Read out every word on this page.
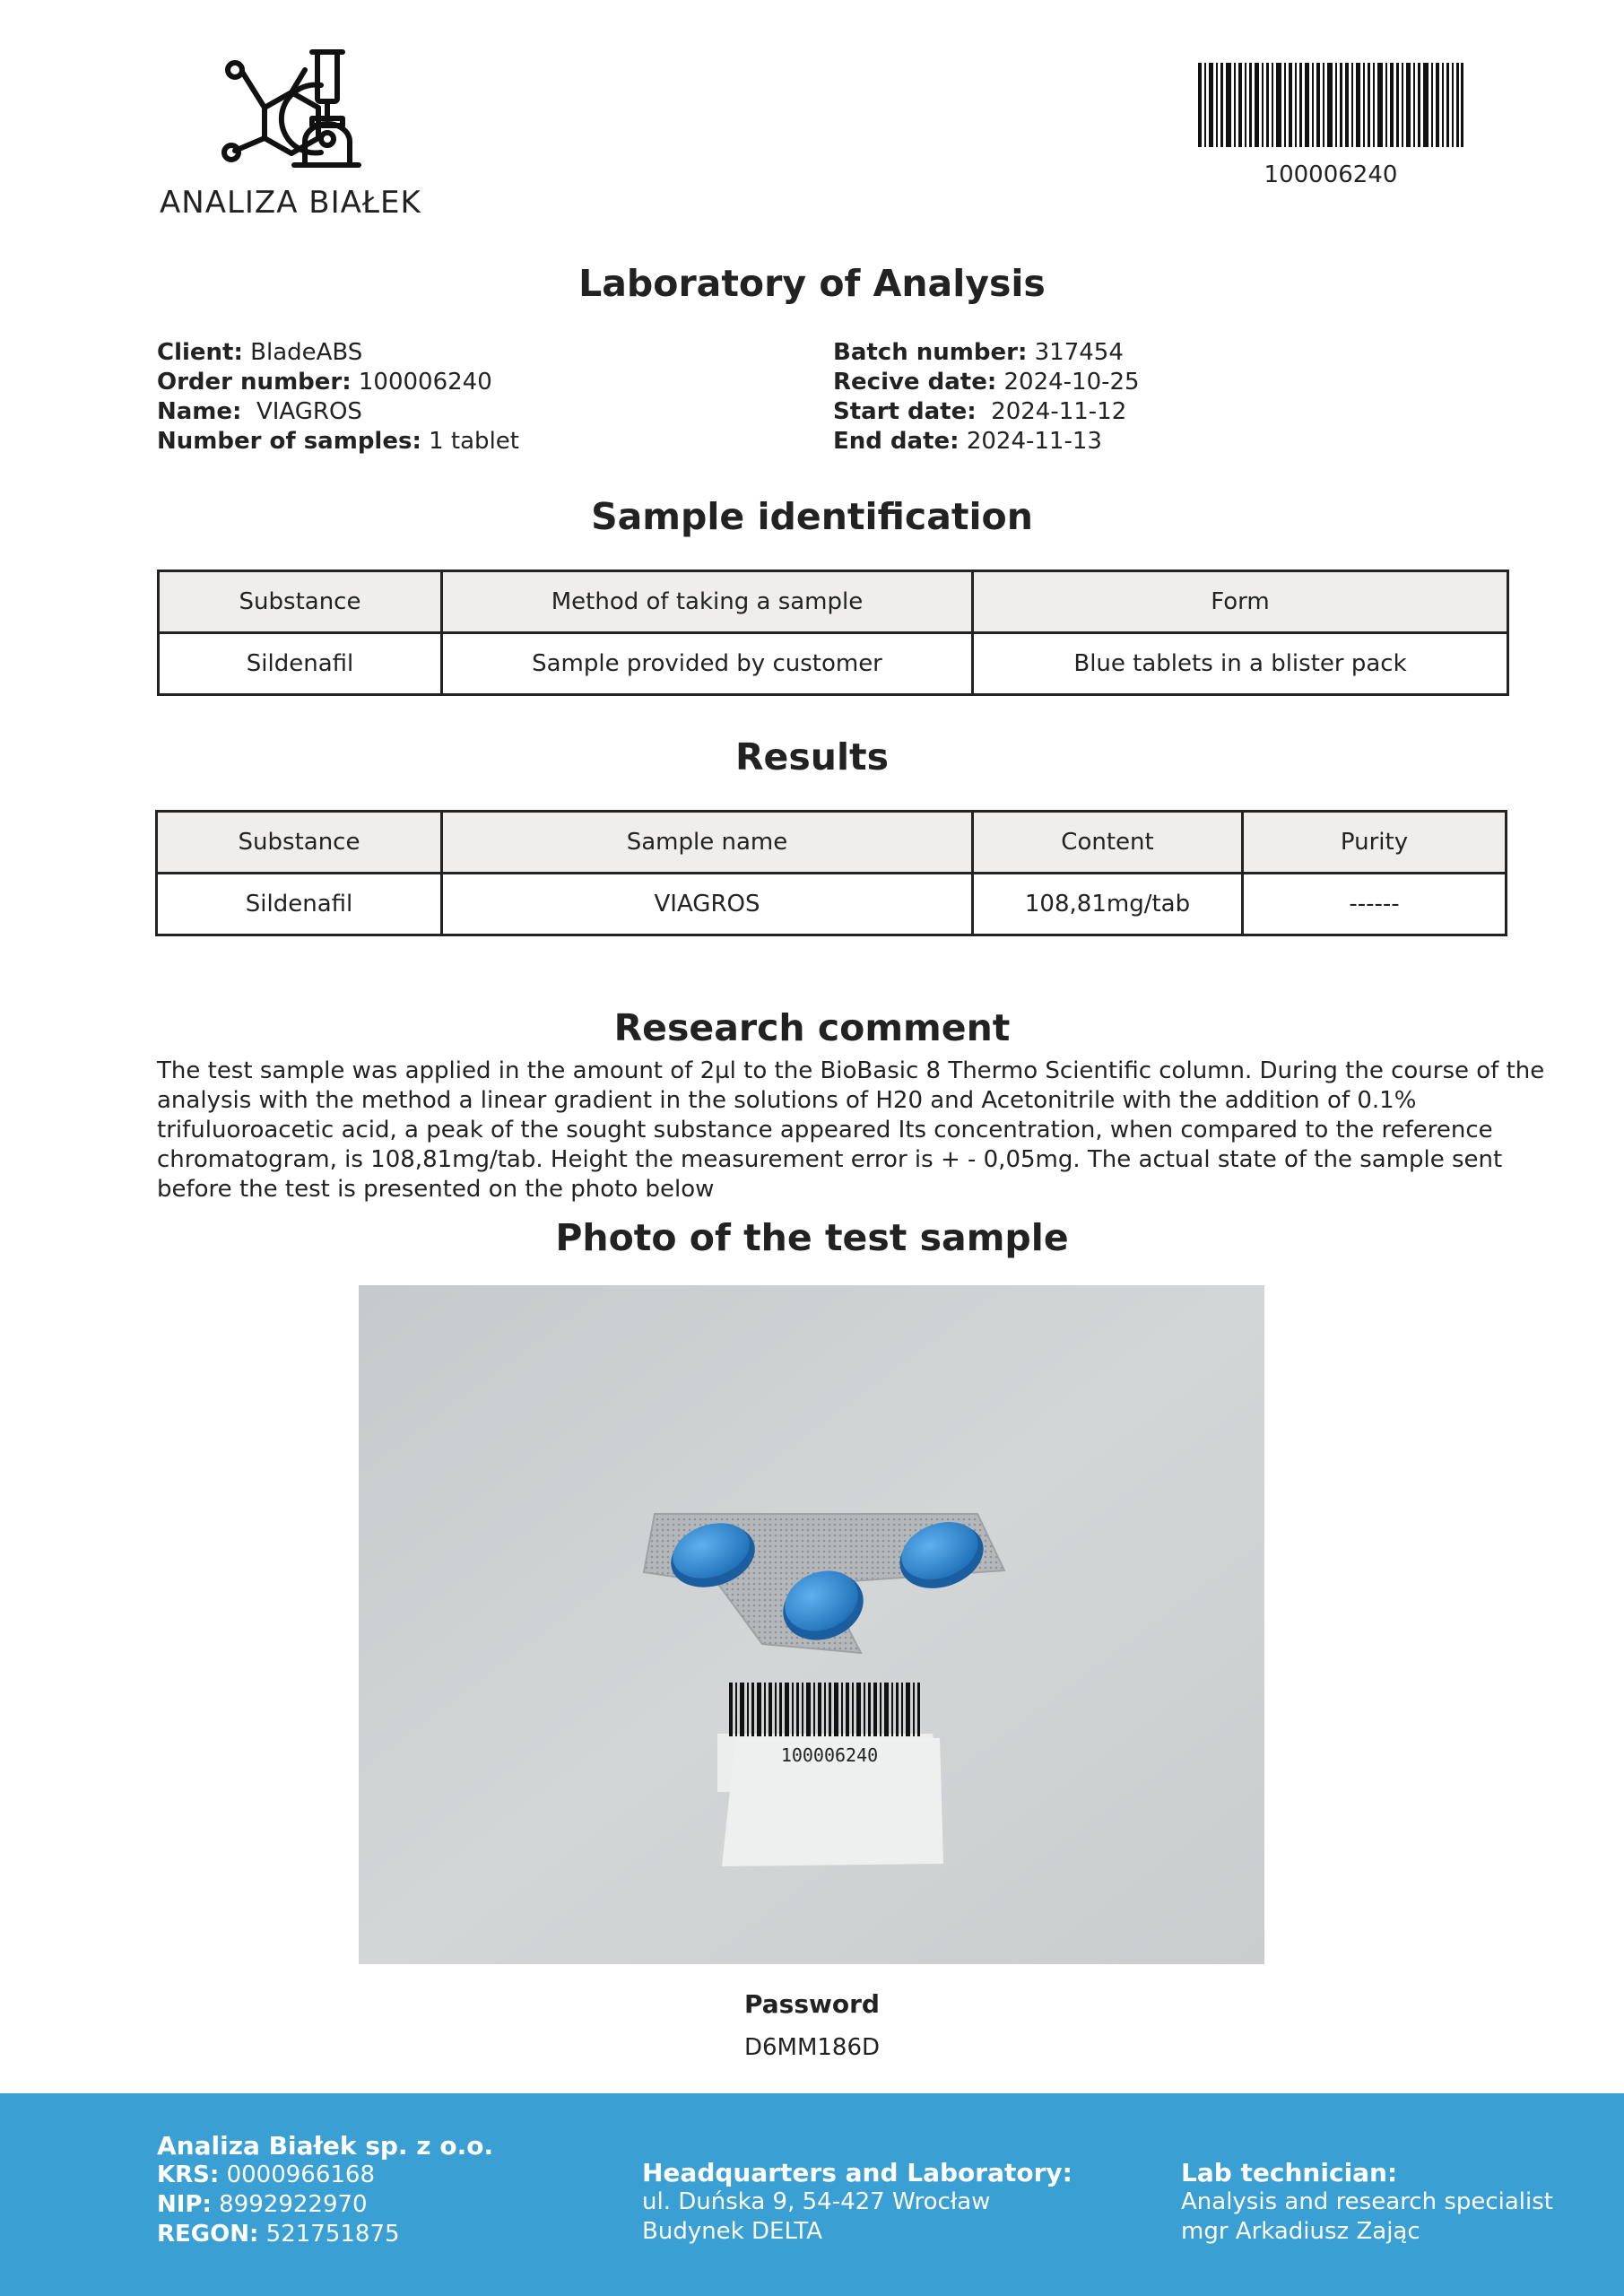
ANALIZA BIAŁEK
100006240
Laboratory of Analysis
Client: BladeABS
Order number: 100006240
Name: VIAGROS
Number of samples: 1 tablet
Batch number: 317454
Recive date: 2024-10-25
Start date: 2024-11-12
End date: 2024-11-13
Sample identification
Substance	Method of taking a sample	Form
Sildenafil	Sample provided by customer	Blue tablets in a blister pack
Results
Substance	Sample name	Content	Purity
Sildenafil	VIAGROS	108,81mg/tab	------
Research comment
The test sample was applied in the amount of 2µl to the BioBasic 8 Thermo Scientific column. During the course of the analysis with the method a linear gradient in the solutions of H20 and Acetonitrile with the addition of 0.1% trifuluoroacetic acid, a peak of the sought substance appeared Its concentration, when compared to the reference chromatogram, is 108,81mg/tab. Height the measurement error is + - 0,05mg. The actual state of the sample sent before the test is presented on the photo below
Photo of the test sample
100006240
Password
D6MM186D
Analiza Białek sp. z o.o.
KRS: 0000966168
NIP: 8992922970
REGON: 521751875
Headquarters and Laboratory:
ul. Duńska 9, 54-427 Wrocław
Budynek DELTA
Lab technician:
Analysis and research specialist
mgr Arkadiusz Zając
